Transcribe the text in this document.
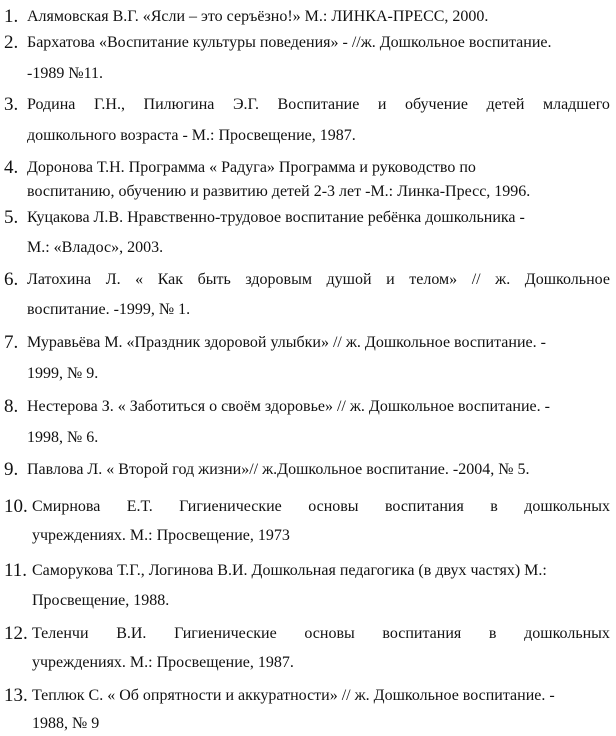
1. Алямовская В.Г. «Ясли – это серъёзно!» М.: ЛИНКА-ПРЕСС, 2000.
2. Бархатова «Воспитание культуры поведения» - //ж. Дошкольное воспитание.
-1989 №11.
3. Родина Г.Н., Пилюгина Э.Г. Воспитание и обучение детей младшего
дошкольного возраста - М.: Просвещение, 1987.
4. Доронова Т.Н. Программа « Радуга» Программа и руководство по
воспитанию, обучению и развитию детей 2-3 лет -М.: Линка-Пресс, 1996.
5. Куцакова Л.В. Нравственно-трудовое воспитание ребёнка дошкольника -
М.: «Владос», 2003.
6. Латохина Л. « Как быть здоровым душой и телом» // ж. Дошкольное
воспитание. -1999, № 1.
7. Муравьёва М. «Праздник здоровой улыбки» // ж. Дошкольное воспитание. -
1999, № 9.
8. Нестерова З. « Заботиться о своём здоровье» // ж. Дошкольное воспитание. -
1998, № 6.
9. Павлова Л. « Второй год жизни»// ж.Дошкольное воспитание. -2004, № 5.
10. Смирнова Е.Т. Гигиенические основы воспитания в дошкольных
учреждениях. М.: Просвещение, 1973
11. Саморукова Т.Г., Логинова В.И. Дошкольная педагогика (в двух частях) М.:
Просвещение, 1988.
12. Теленчи В.И. Гигиенические основы воспитания в дошкольных
учреждениях. М.: Просвещение, 1987.
13. Теплюк С. « Об опрятности и аккуратности» // ж. Дошкольное воспитание. -
1988, № 9
